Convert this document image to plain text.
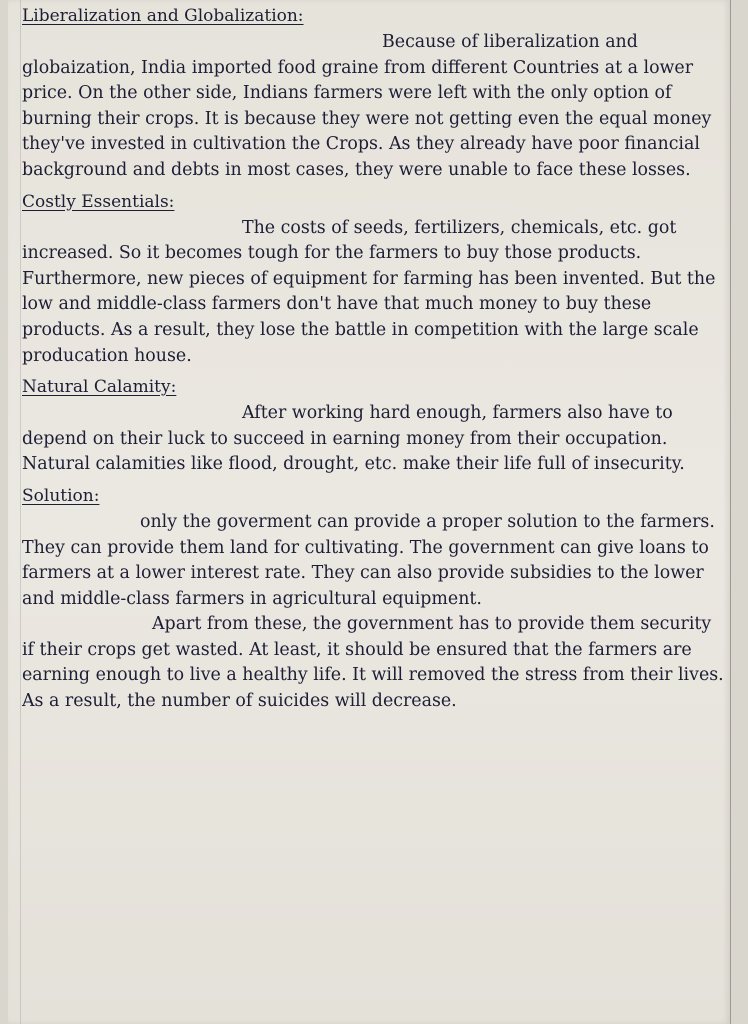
Liberalization and Globalization:

Because of liberalization and globaization, India imported food graine from different Countries at a lower price. On the other side, Indians farmers were left with the only option of burning their crops. It is because they were not getting even the equal money they've invested in cultivation the Crops. As they already have poor financial background and debts in most cases, they were unable to face these losses.

Costly Essentials:

The costs of seeds, fertilizers, chemicals, etc. got increased. So it becomes tough for the farmers to buy those products. Furthermore, new pieces of equipment for farming has been invented. But the low and middle-class farmers don't have that much money to buy these products. As a result, they lose the battle in competition with the large scale producation house.

Natural Calamity:

After working hard enough, farmers also have to depend on their luck to succeed in earning money from their occupation. Natural calamities like flood, drought, etc. make their life full of insecurity.

Solution:

only the goverment can provide a proper solution to the farmers. They can provide them land for cultivating. The government can give loans to farmers at a lower interest rate. They can also provide subsidies to the lower and middle-class farmers in agricultural equipment.

Apart from these, the government has to provide them security if their crops get wasted. At least, it should be ensured that the farmers are earning enough to live a healthy life. It will removed the stress from their lives. As a result, the number of suicides will decrease.
